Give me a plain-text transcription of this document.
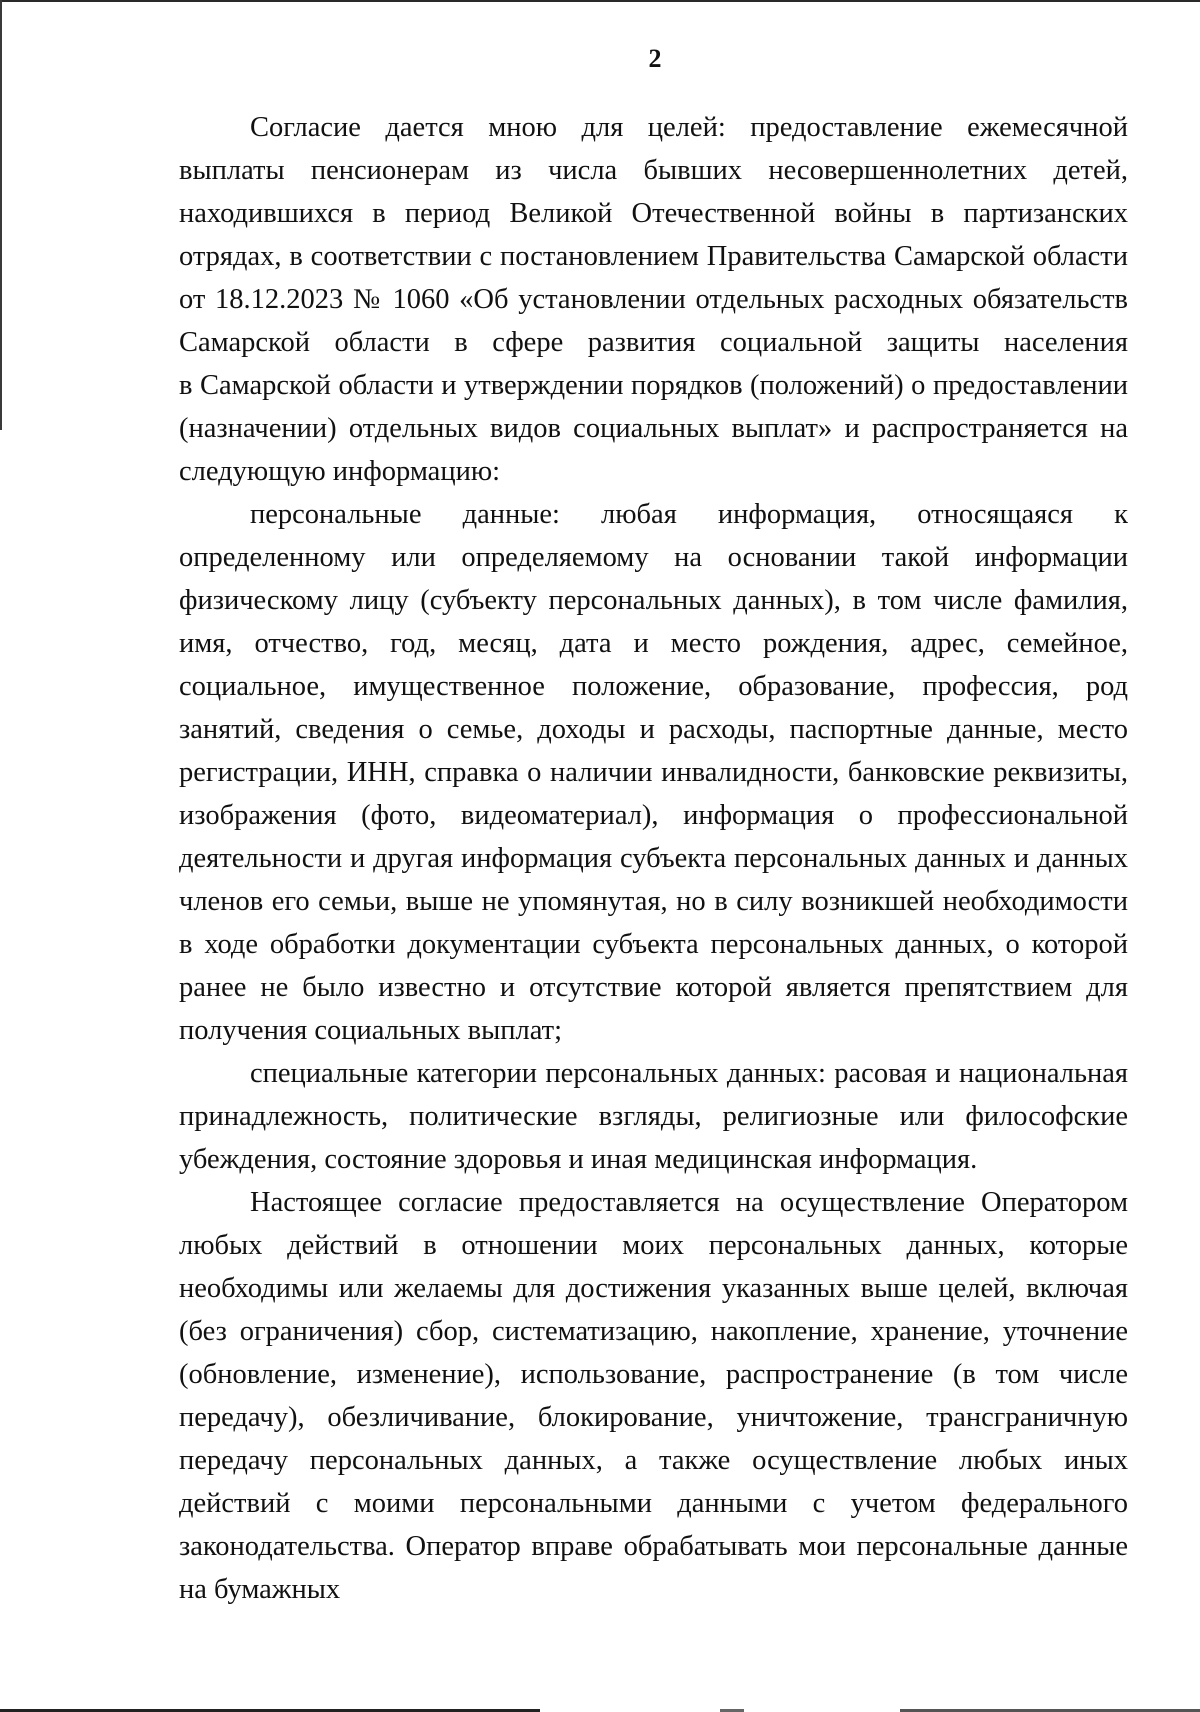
2

Согласие дается мною для целей: предоставление ежемесячной выплаты пенсионерам из числа бывших несовершеннолетних детей, находившихся в период Великой Отечественной войны в партизанских отрядах, в соответствии с постановлением Правительства Самарской области от 18.12.2023 № 1060 «Об установлении отдельных расходных обязательств Самарской области в сфере развития социальной защиты населения

в Самарской области и утверждении порядков (положений) о предоставлении (назначении) отдельных видов социальных выплат» и распространяется на следующую информацию:

персональные данные: любая информация, относящаяся к определенному или определяемому на основании такой информации физическому лицу (субъекту персональных данных), в том числе фамилия, имя, отчество, год, месяц, дата и место рождения, адрес, семейное, социальное, имущественное положение, образование, профессия, род занятий, сведения о семье, доходы и расходы, паспортные данные, место регистрации, ИНН, справка о наличии инвалидности, банковские реквизиты, изображения (фото, видеоматериал), информация о профессиональной деятельности и другая информация субъекта персональных данных и данных членов его семьи, выше не упомянутая, но в силу возникшей необходимости в ходе обработки документации субъекта персональных данных, о которой ранее не было известно и отсутствие которой является препятствием для получения социальных выплат;

специальные категории персональных данных: расовая и национальная принадлежность, политические взгляды, религиозные или философские убеждения, состояние здоровья и иная медицинская информация.

Настоящее согласие предоставляется на осуществление Оператором любых действий в отношении моих персональных данных, которые необходимы или желаемы для достижения указанных выше целей, включая (без ограничения) сбор, систематизацию, накопление, хранение, уточнение (обновление, изменение), использование, распространение (в том числе передачу), обезличивание, блокирование, уничтожение, трансграничную передачу персональных данных, а также осуществление любых иных действий с моими персональными данными с учетом федерального законодательства. Оператор вправе обрабатывать мои персональные данные на бумажных
